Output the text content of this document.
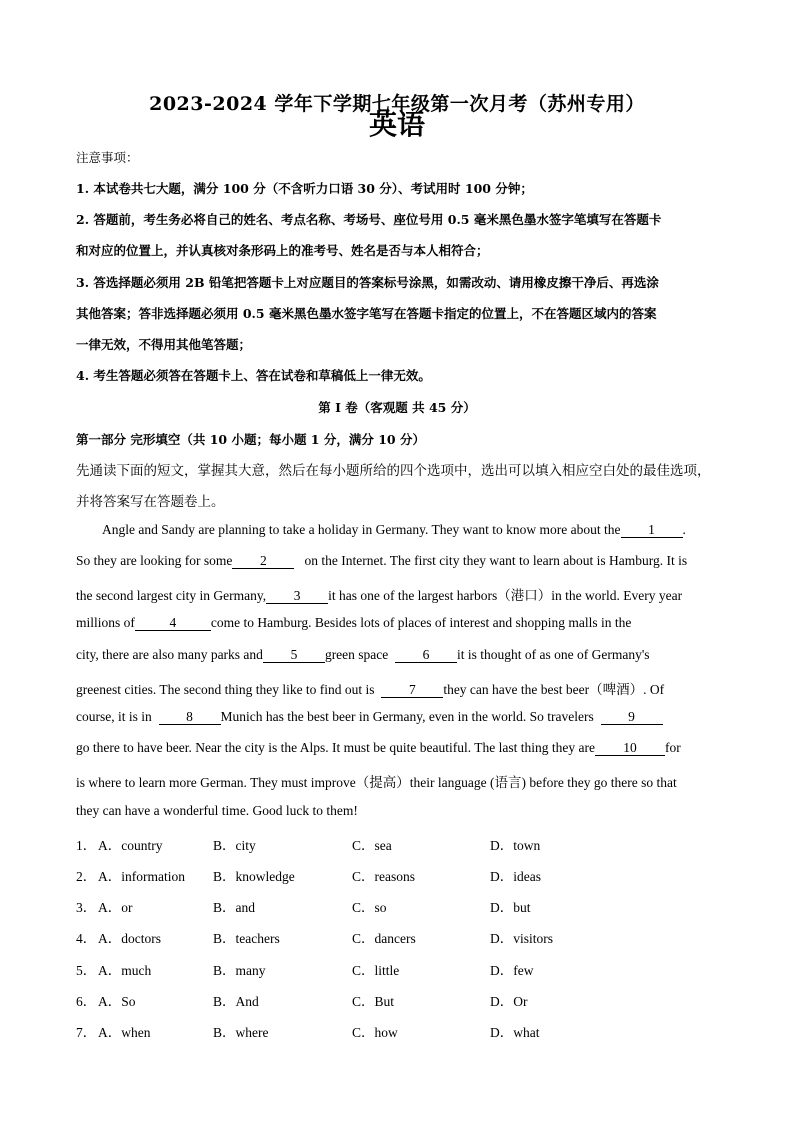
2023-2024 学年下学期七年级第一次月考（苏州专用）
英语
注意事项：
1. 本试卷共七大题，满分 100 分（不含听力口语 30 分）、考试用时 100 分钟；
2. 答题前，考生务必将自己的姓名、考点名称、考场号、座位号用 0.5 毫米黑色墨水签字笔填写在答题卡
和对应的位置上，并认真核对条形码上的准考号、姓名是否与本人相符合；
3. 答选择题必须用 2B 铅笔把答题卡上对应题目的答案标号涂黑，如需改动、请用橡皮擦干净后、再选涂
其他答案；答非选择题必须用 0.5 毫米黑色墨水签字笔写在答题卡指定的位置上，不在答题区域内的答案
一律无效，不得用其他笔答题；
4. 考生答题必须答在答题卡上、答在试卷和草稿低上一律无效。
第 I 卷（客观题 共 45 分）
第一部分 完形填空（共 10 小题；每小题 1 分，满分 10 分）
先通读下面的短文，掌握其大意，然后在每小题所给的四个选项中，选出可以填入相应空白处的最佳选项，
并将答案写在答题卷上。
Angle and Sandy are planning to take a holiday in Germany. They want to know more about the 1 .
So they are looking for some 2	on the Internet. The first city they want to learn about is Hamburg. It is
the second largest city in Germany, 3 it has one of the largest harbors（港口）in the world. Every year
millions of	4	come to Hamburg. Besides lots of places of interest and shopping malls in the
city, there are also many parks and 5 green space	6 it is thought of as one of Germany's
greenest cities. The second thing they like to find out is	7 they can have the best beer（啤酒）. Of
course, it is in	8 Munich has the best beer in Germany, even in the world. So travelers	9
go there to have beer. Near the city is the Alps. It must be quite beautiful. The last thing they are 10 for
is where to learn more German. They must improve（提高）their language (语言) before they go there so that
they can have a wonderful time. Good luck to them!
1． A．country	B．city	C．sea	D．town
2． A．information B．knowledge	C．reasons	D．ideas
3． A．or	B．and	C．so	D．but
4． A．doctors	B．teachers	C．dancers	D．visitors
5． A．much	B．many	C．little	D．few
6． A．So	B．And	C．But	D．Or
7． A．when	B．where	C．how	D．what
